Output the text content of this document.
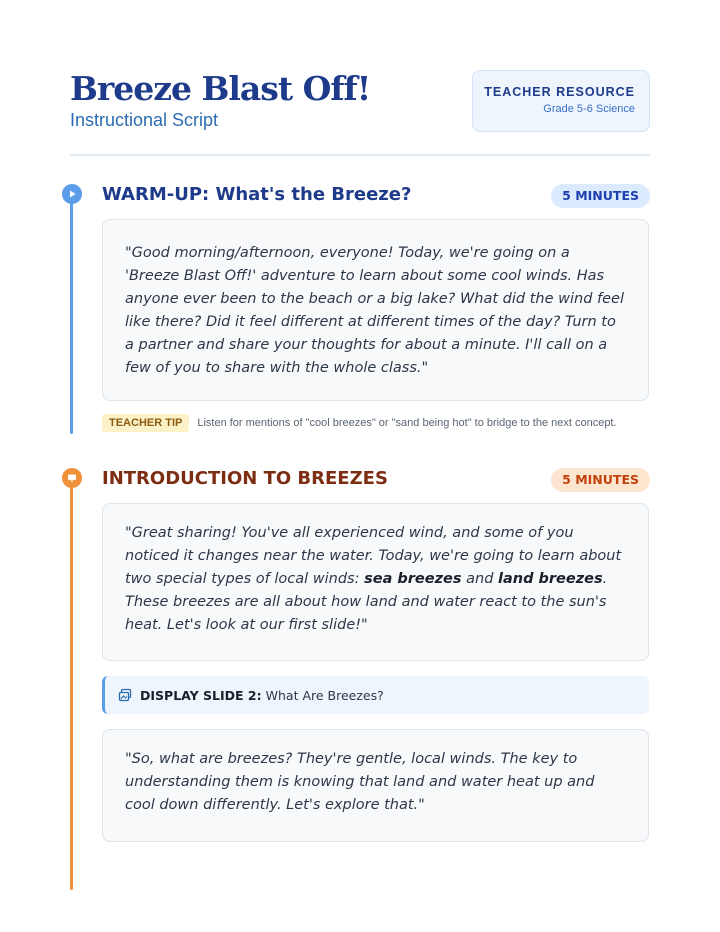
Breeze Blast Off!
Instructional Script
TEACHER RESOURCE
Grade 5-6 Science
WARM-UP: What's the Breeze?	5 MINUTES

"Good morning/afternoon, everyone! Today, we're going on a 'Breeze Blast Off!' adventure to learn about some cool winds. Has anyone ever been to the beach or a big lake? What did the wind feel like there? Did it feel different at different times of the day? Turn to a partner and share your thoughts for about a minute. I'll call on a few of you to share with the whole class."

TEACHER TIP	Listen for mentions of "cool breezes" or "sand being hot" to bridge to the next concept.
INTRODUCTION TO BREEZES	5 MINUTES

"Great sharing! You've all experienced wind, and some of you noticed it changes near the water. Today, we're going to learn about two special types of local winds: sea breezes and land breezes. These breezes are all about how land and water react to the sun's heat. Let's look at our first slide!"

DISPLAY SLIDE 2: What Are Breezes?

"So, what are breezes? They're gentle, local winds. The key to understanding them is knowing that land and water heat up and cool down differently. Let's explore that."
